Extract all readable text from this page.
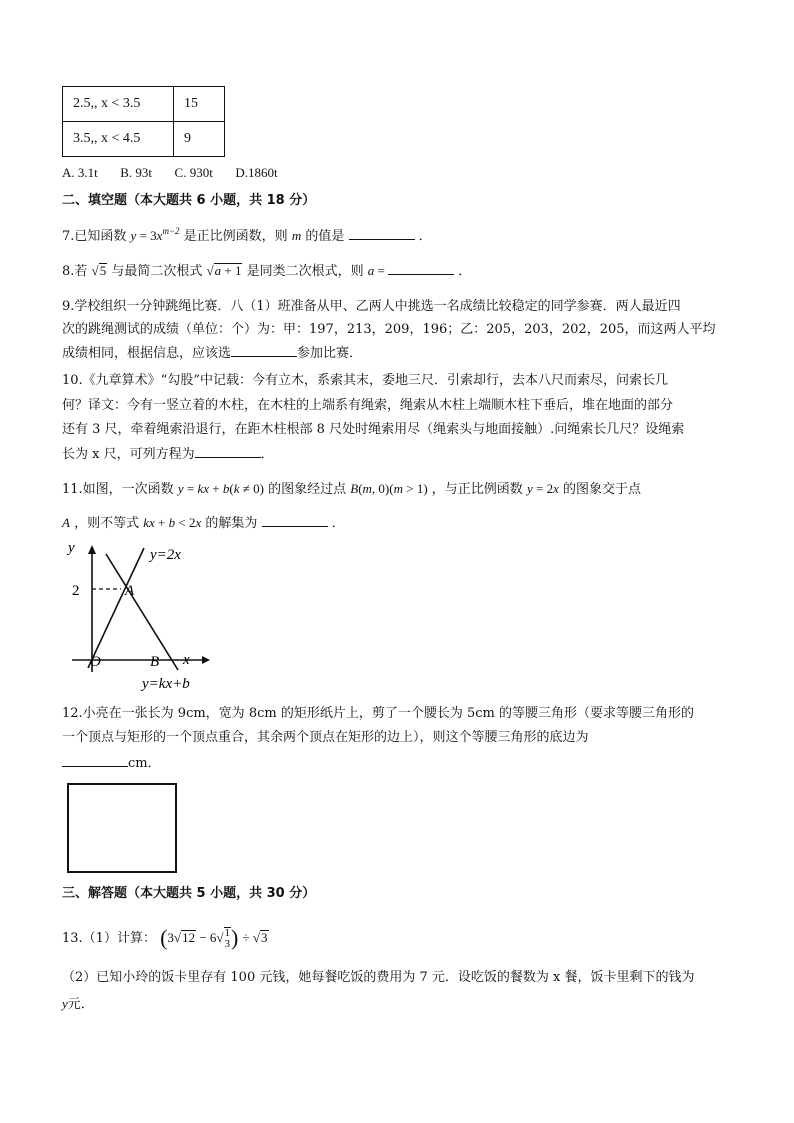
2.5,, x < 3.5	15
3.5,, x < 4.5	9
A. 3.1t B. 93t C. 930t D.1860t
二、填空题（本大题共 6 小题，共 18 分）
7.已知函数 $y = 3x^{m-2}$ 是正比例函数，则 m 的值是	．
8.若 √5 与最简二次根式 √a + 1 是同类二次根式，则 a =	．
9.学校组织一分钟跳绳比赛．八（1）班准备从甲、乙两人中挑选一名成绩比较稳定的同学参赛．两人最近四
次的跳绳测试的成绩（单位：个）为：甲：197，213，209，196；乙：205，203，202，205，而这两人平均
成绩相同，根据信息，应该选	参加比赛．
10.《九章算术》“勾股”中记载：今有立木，系索其末，委地三尺．引索却行，去本八尺而索尽，问索长几
何？译文：今有一竖立着的木柱，在木柱的上端系有绳索，绳索从木柱上端顺木柱下垂后，堆在地面的部分
还有 3 尺，牵着绳索沿退行，在距木柱根部 8 尺处时绳索用尽（绳索头与地面接触）.问绳索长几尺？设绳索
长为 x 尺，可列方程为	．
11.如图，一次函数 y = kx + b(k ≠ 0) 的图象经过点 B(m, 0)(m > 1) ，与正比例函数 y = 2x 的图象交于点
A ，则不等式 kx + b < 2x 的解集为	．
y	y=2x
2	A
O	B x
y=kx+b
12.小亮在一张长为 9cm，宽为 8cm 的矩形纸片上，剪了一个腰长为 5cm 的等腰三角形（要求等腰三角形的
一个顶点与矩形的一个顶点重合，其余两个顶点在矩形的边上），则这个等腰三角形的底边为
cm．
三、解答题（本大题共 5 小题，共 30 分）
13.（1）计算： (3√12 − 6√1
3) ÷ √3
（2）已知小玲的饭卡里存有 100 元钱，她每餐吃饭的费用为 7 元．设吃饭的餐数为 x 餐，饭卡里剩下的钱为
y元．
